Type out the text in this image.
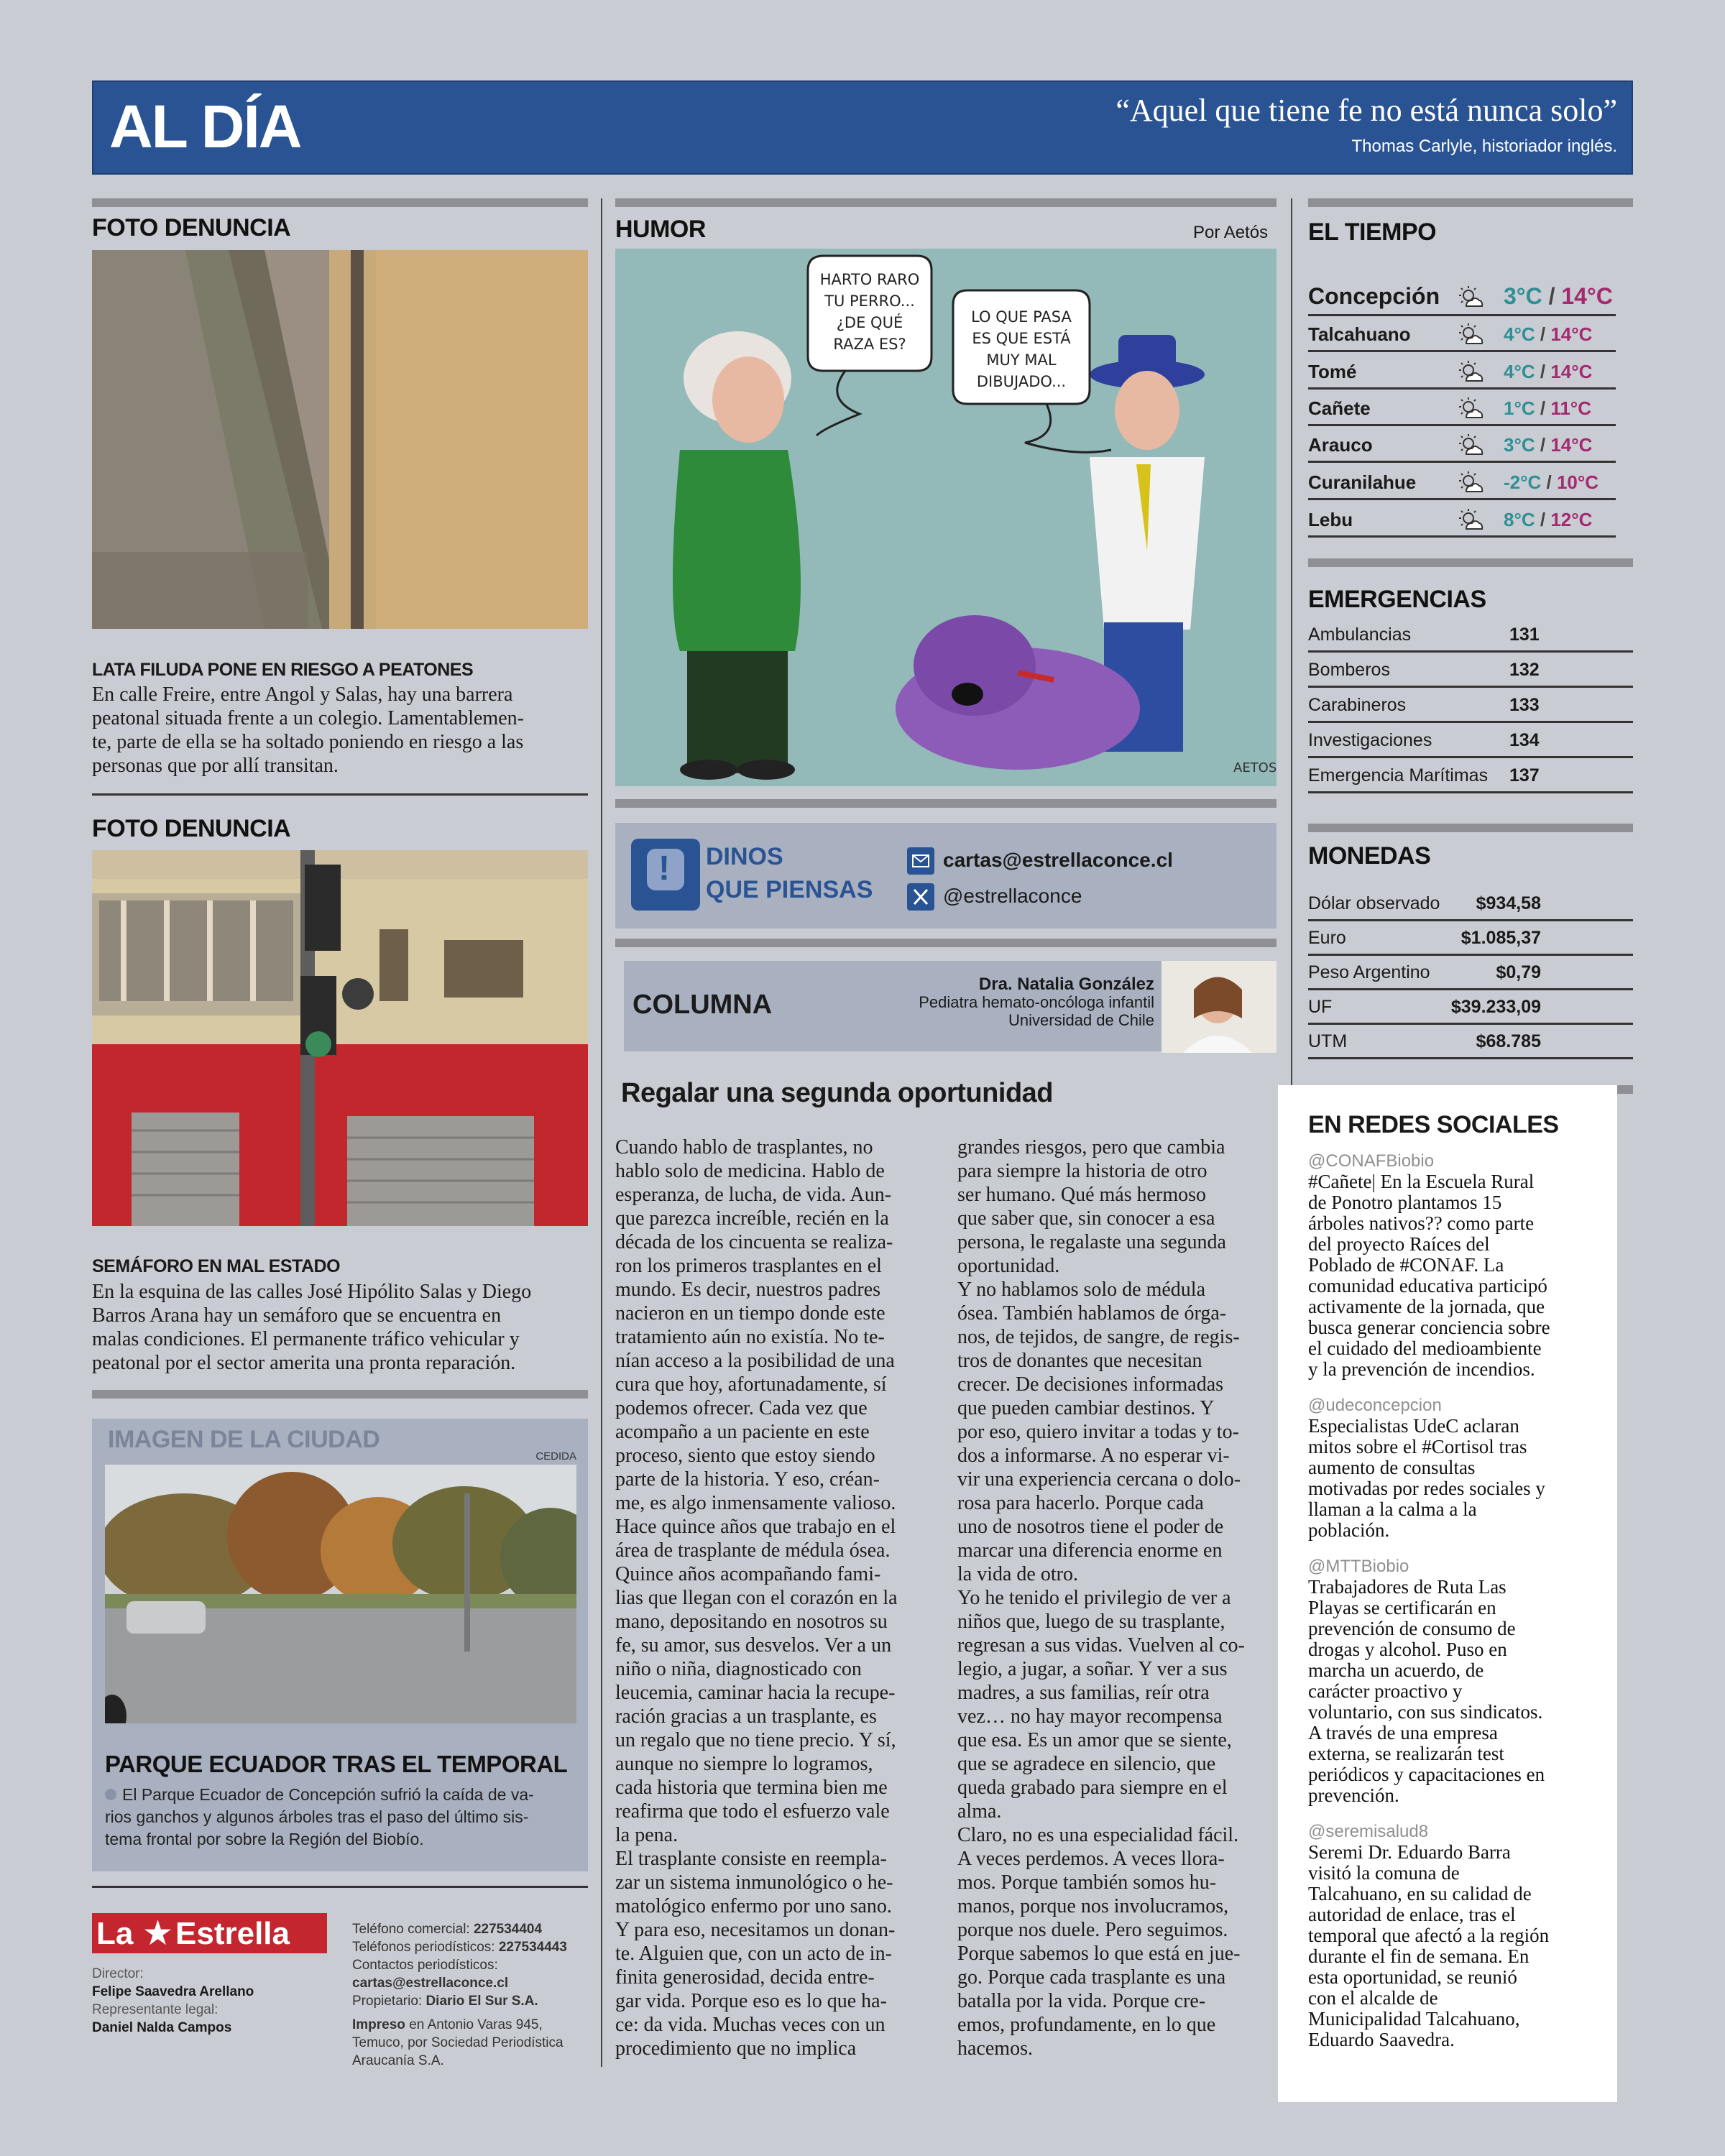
AL DÍA	“Aquel que tiene fe no está nunca solo”
Thomas Carlyle, historiador inglés.
FOTO DENUNCIA
LATA FILUDA PONE EN RIESGO A PEATONES
En calle Freire, entre Angol y Salas, hay una barrera
peatonal situada frente a un colegio. Lamentablemen-
te, parte de ella se ha soltado poniendo en riesgo a las
personas que por allí transitan.
FOTO DENUNCIA
SEMÁFORO EN MAL ESTADO
En la esquina de las calles José Hipólito Salas y Diego
Barros Arana hay un semáforo que se encuentra en
malas condiciones. El permanente tráfico vehicular y
peatonal por el sector amerita una pronta reparación.
IMAGEN DE LA CIUDAD
CEDIDA
PARQUE ECUADOR TRAS EL TEMPORAL
El Parque Ecuador de Concepción sufrió la caída de va-
rios ganchos y algunos árboles tras el paso del último sis-
tema frontal por sobre la Región del Biobío.
La ★ Estrella
Director:
Felipe Saavedra Arellano
Representante legal:
Daniel Nalda Campos
Teléfono comercial: 227534404
Teléfonos periodísticos: 227534443
Contactos periodísticos:
cartas@estrellaconce.cl
Propietario: Diario El Sur S.A.
Impreso en Antonio Varas 945,
Temuco, por Sociedad Periodística
Araucanía S.A.
HUMOR	Por Aetós
HARTO RARO
TU PERRO...
¿DE QUÉ
RAZA ES?
LO QUE PASA
ES QUE ESTÁ
MUY MAL
DIBUJADO...
AETOS
! DINOS
QUE PIENSAS
cartas@estrellaconce.cl
@estrellaconce
COLUMNA
Dra. Natalia González
Pediatra hemato-oncóloga infantil
Universidad de Chile
Regalar una segunda oportunidad
Cuando hablo de trasplantes, no
hablo solo de medicina. Hablo de
esperanza, de lucha, de vida. Aun-
que parezca increíble, recién en la
década de los cincuenta se realiza-
ron los primeros trasplantes en el
mundo. Es decir, nuestros padres
nacieron en un tiempo donde este
tratamiento aún no existía. No te-
nían acceso a la posibilidad de una
cura que hoy, afortunadamente, sí
podemos ofrecer. Cada vez que
acompaño a un paciente en este
proceso, siento que estoy siendo
parte de la historia. Y eso, créan-
me, es algo inmensamente valioso.
Hace quince años que trabajo en el
área de trasplante de médula ósea.
Quince años acompañando fami-
lias que llegan con el corazón en la
mano, depositando en nosotros su
fe, su amor, sus desvelos. Ver a un
niño o niña, diagnosticado con
leucemia, caminar hacia la recupe-
ración gracias a un trasplante, es
un regalo que no tiene precio. Y sí,
aunque no siempre lo logramos,
cada historia que termina bien me
reafirma que todo el esfuerzo vale
la pena.
El trasplante consiste en reempla-
zar un sistema inmunológico o he-
matológico enfermo por uno sano.
Y para eso, necesitamos un donan-
te. Alguien que, con un acto de in-
finita generosidad, decida entre-
gar vida. Porque eso es lo que ha-
ce: da vida. Muchas veces con un
procedimiento que no implica
grandes riesgos, pero que cambia
para siempre la historia de otro
ser humano. Qué más hermoso
que saber que, sin conocer a esa
persona, le regalaste una segunda
oportunidad.
Y no hablamos solo de médula
ósea. También hablamos de órga-
nos, de tejidos, de sangre, de regis-
tros de donantes que necesitan
crecer. De decisiones informadas
que pueden cambiar destinos. Y
por eso, quiero invitar a todas y to-
dos a informarse. A no esperar vi-
vir una experiencia cercana o dolo-
rosa para hacerlo. Porque cada
uno de nosotros tiene el poder de
marcar una diferencia enorme en
la vida de otro.
Yo he tenido el privilegio de ver a
niños que, luego de su trasplante,
regresan a sus vidas. Vuelven al co-
legio, a jugar, a soñar. Y ver a sus
madres, a sus familias, reír otra
vez… no hay mayor recompensa
que esa. Es un amor que se siente,
que se agradece en silencio, que
queda grabado para siempre en el
alma.
Claro, no es una especialidad fácil.
A veces perdemos. A veces llora-
mos. Porque también somos hu-
manos, porque nos involucramos,
porque nos duele. Pero seguimos.
Porque sabemos lo que está en jue-
go. Porque cada trasplante es una
batalla por la vida. Porque cre-
emos, profundamente, en lo que
hacemos.
EL TIEMPO
Concepción	3°C / 14°C
Talcahuano	4°C / 14°C
Tomé	4°C / 14°C
Cañete	1°C / 11°C
Arauco	3°C / 14°C
Curanilahue	-2°C / 10°C
Lebu	8°C / 12°C
EMERGENCIAS
Ambulancias	131
Bomberos	132
Carabineros	133
Investigaciones	134
Emergencia Marítimas 137
MONEDAS
Dólar observado $934,58
Euro	$1.085,37
Peso Argentino	$0,79
UF	$39.233,09
UTM	$68.785
EN REDES SOCIALES
@CONAFBiobio
#Cañete| En la Escuela Rural
de Ponotro plantamos 15
árboles nativos?? como parte
del proyecto Raíces del
Poblado de #CONAF. La
comunidad educativa participó
activamente de la jornada, que
busca generar conciencia sobre
el cuidado del medioambiente
y la prevención de incendios.
@udeconcepcion
Especialistas UdeC aclaran
mitos sobre el #Cortisol tras
aumento de consultas
motivadas por redes sociales y
llaman a la calma a la
población.
@MTTBiobio
Trabajadores de Ruta Las
Playas se certificarán en
prevención de consumo de
drogas y alcohol. Puso en
marcha un acuerdo, de
carácter proactivo y
voluntario, con sus sindicatos.
A través de una empresa
externa, se realizarán test
periódicos y capacitaciones en
prevención.
@seremisalud8
Seremi Dr. Eduardo Barra
visitó la comuna de
Talcahuano, en su calidad de
autoridad de enlace, tras el
temporal que afectó a la región
durante el fin de semana. En
esta oportunidad, se reunió
con el alcalde de
Municipalidad Talcahuano,
Eduardo Saavedra.
